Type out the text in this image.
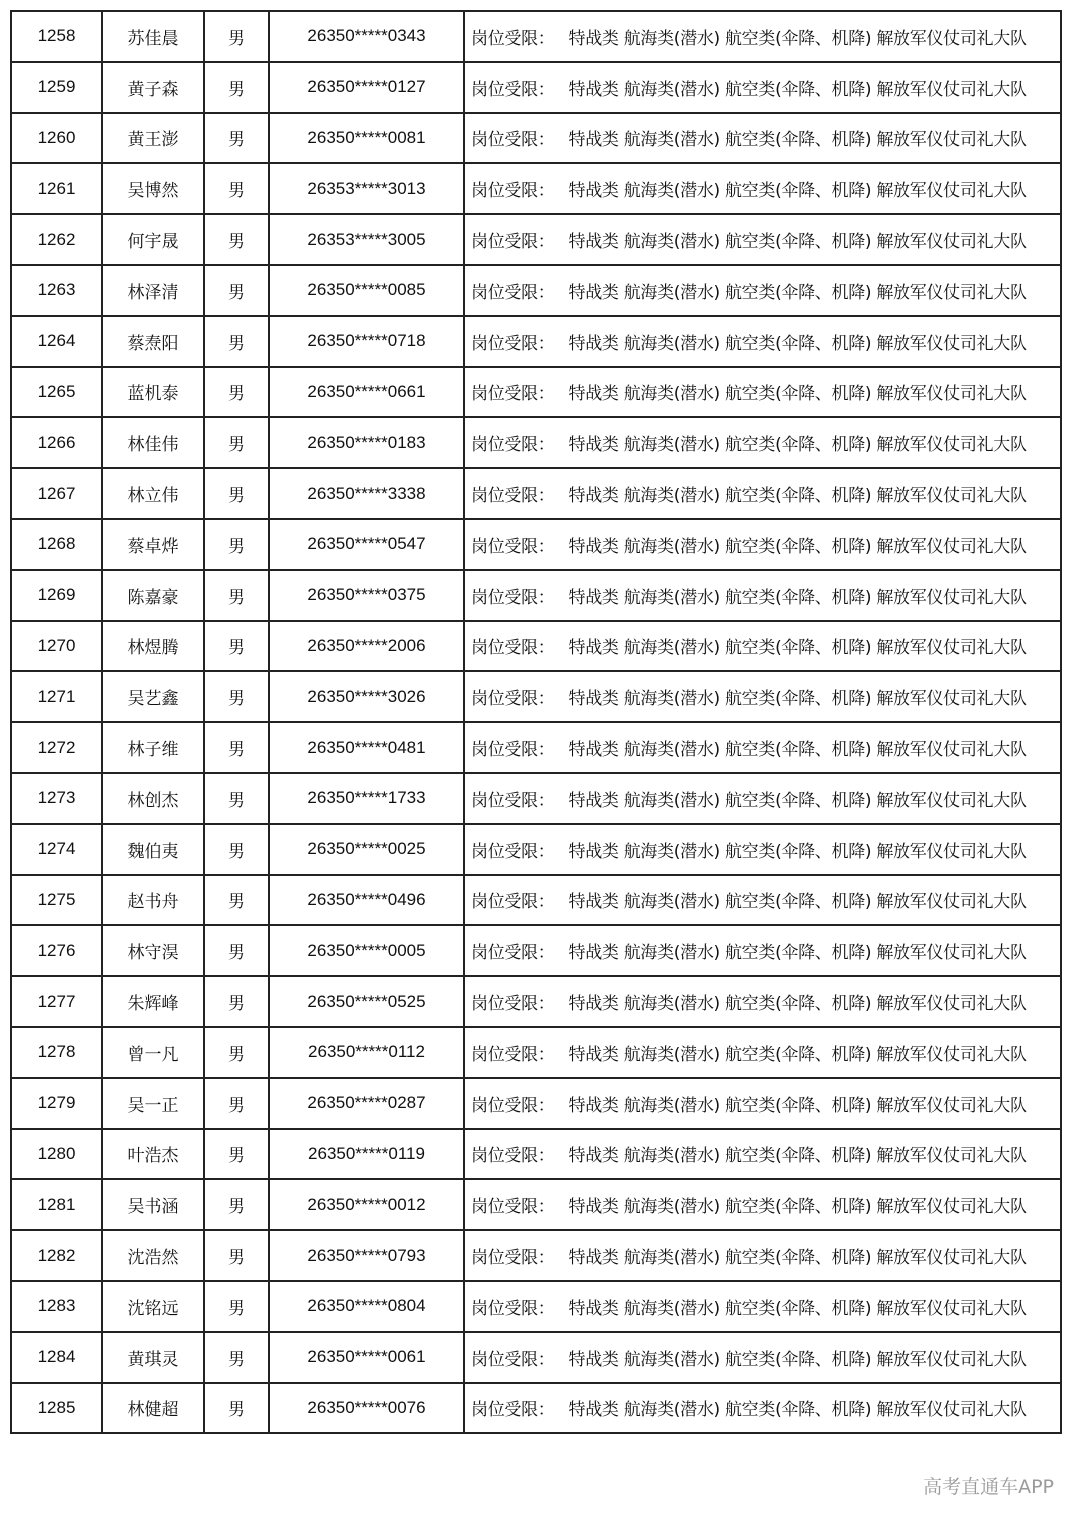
1258	苏佳晨	男	26350*****0343	岗位受限： 特战类 航海类(潜水) 航空类(伞降、机降) 解放军仪仗司礼大队
1259	黄子森	男	26350*****0127	岗位受限： 特战类 航海类(潜水) 航空类(伞降、机降) 解放军仪仗司礼大队
1260	黄王澎	男	26350*****0081	岗位受限： 特战类 航海类(潜水) 航空类(伞降、机降) 解放军仪仗司礼大队
1261	吴博然	男	26353*****3013	岗位受限： 特战类 航海类(潜水) 航空类(伞降、机降) 解放军仪仗司礼大队
1262	何宇晟	男	26353*****3005	岗位受限： 特战类 航海类(潜水) 航空类(伞降、机降) 解放军仪仗司礼大队
1263	林泽清	男	26350*****0085	岗位受限： 特战类 航海类(潜水) 航空类(伞降、机降) 解放军仪仗司礼大队
1264	蔡焘阳	男	26350*****0718	岗位受限： 特战类 航海类(潜水) 航空类(伞降、机降) 解放军仪仗司礼大队
1265	蓝机泰	男	26350*****0661	岗位受限： 特战类 航海类(潜水) 航空类(伞降、机降) 解放军仪仗司礼大队
1266	林佳伟	男	26350*****0183	岗位受限： 特战类 航海类(潜水) 航空类(伞降、机降) 解放军仪仗司礼大队
1267	林立伟	男	26350*****3338	岗位受限： 特战类 航海类(潜水) 航空类(伞降、机降) 解放军仪仗司礼大队
1268	蔡卓烨	男	26350*****0547	岗位受限： 特战类 航海类(潜水) 航空类(伞降、机降) 解放军仪仗司礼大队
1269	陈嘉豪	男	26350*****0375	岗位受限： 特战类 航海类(潜水) 航空类(伞降、机降) 解放军仪仗司礼大队
1270	林煜腾	男	26350*****2006	岗位受限： 特战类 航海类(潜水) 航空类(伞降、机降) 解放军仪仗司礼大队
1271	吴艺鑫	男	26350*****3026	岗位受限： 特战类 航海类(潜水) 航空类(伞降、机降) 解放军仪仗司礼大队
1272	林子维	男	26350*****0481	岗位受限： 特战类 航海类(潜水) 航空类(伞降、机降) 解放军仪仗司礼大队
1273	林创杰	男	26350*****1733	岗位受限： 特战类 航海类(潜水) 航空类(伞降、机降) 解放军仪仗司礼大队
1274	魏伯夷	男	26350*****0025	岗位受限： 特战类 航海类(潜水) 航空类(伞降、机降) 解放军仪仗司礼大队
1275	赵书舟	男	26350*****0496	岗位受限： 特战类 航海类(潜水) 航空类(伞降、机降) 解放军仪仗司礼大队
1276	林守淏	男	26350*****0005	岗位受限： 特战类 航海类(潜水) 航空类(伞降、机降) 解放军仪仗司礼大队
1277	朱辉峰	男	26350*****0525	岗位受限： 特战类 航海类(潜水) 航空类(伞降、机降) 解放军仪仗司礼大队
1278	曾一凡	男	26350*****0112	岗位受限： 特战类 航海类(潜水) 航空类(伞降、机降) 解放军仪仗司礼大队
1279	吴一正	男	26350*****0287	岗位受限： 特战类 航海类(潜水) 航空类(伞降、机降) 解放军仪仗司礼大队
1280	叶浩杰	男	26350*****0119	岗位受限： 特战类 航海类(潜水) 航空类(伞降、机降) 解放军仪仗司礼大队
1281	吴书涵	男	26350*****0012	岗位受限： 特战类 航海类(潜水) 航空类(伞降、机降) 解放军仪仗司礼大队
1282	沈浩然	男	26350*****0793	岗位受限： 特战类 航海类(潜水) 航空类(伞降、机降) 解放军仪仗司礼大队
1283	沈铭远	男	26350*****0804	岗位受限： 特战类 航海类(潜水) 航空类(伞降、机降) 解放军仪仗司礼大队
1284	黄琪灵	男	26350*****0061	岗位受限： 特战类 航海类(潜水) 航空类(伞降、机降) 解放军仪仗司礼大队
1285	林健超	男	26350*****0076	岗位受限： 特战类 航海类(潜水) 航空类(伞降、机降) 解放军仪仗司礼大队
高考直通车APP
